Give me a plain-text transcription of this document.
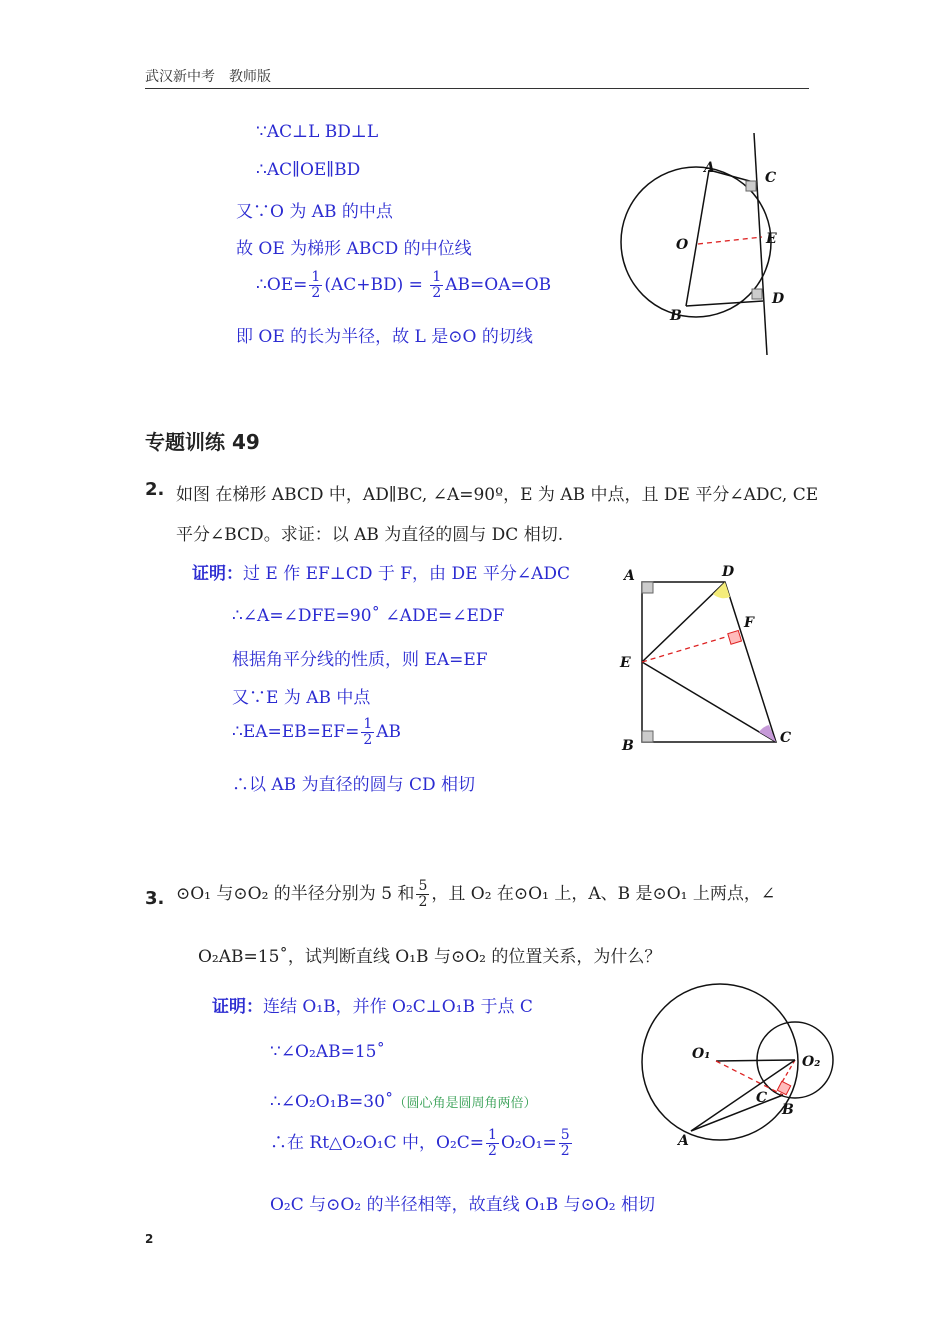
武汉新中考 教师版
∵AC⊥L BD⊥L
∴AC∥OE∥BD
又∵O 为 AB 的中点
故 OE 为梯形 ABCD 的中位线
∴OE= $\frac{1}{2} (AC+BD) = \frac{1}{2} AB=OA=OB$
即 OE 的长为半径，故 L 是⊙O 的切线
A
C
O	E
B
D
专题训练 49
2. 如图 在梯形 ABCD 中，AD∥BC, ∠A=90º，E 为 AB 中点，且 DE 平分∠ADC, CE
平分∠BCD。求证：以 AB 为直径的圆与 DC 相切.
证明：过 E 作 EF⊥CD 于 F，由 DE 平分∠ADC
∴∠A=∠DFE=90˚ ∠ADE=∠EDF
根据角平分线的性质，则 EA=EF
又∵E 为 AB 中点
∴EA=EB=EF= $\frac{1}{2}$ AB
∴以 AB 为直径的圆与 CD 相切
A	D
F
E
B	C
3. ⊙O₁ 与⊙O₂ 的半径分别为 5 和 $\frac{5}{2}$ ，且 O₂ 在⊙O₁ 上，A、B 是⊙O₁ 上两点，∠
O₂AB=15˚，试判断直线 O₁B 与⊙O₂ 的位置关系，为什么？
证明：连结 O₁B，并作 O₂C⊥O₁B 于点 C
∵∠O₂AB=15˚
∴∠O₂O₁B=30˚（圆心角是圆周角两倍）
∴在 Rt△O₂O₁C 中，$O_2C= \frac{1}{2} O_2O_1= \frac{5}{2}$
O₂C 与⊙O₂ 的半径相等，故直线 O₁B 与⊙O₂ 相切
O₁	O₂
C
B
A
2
